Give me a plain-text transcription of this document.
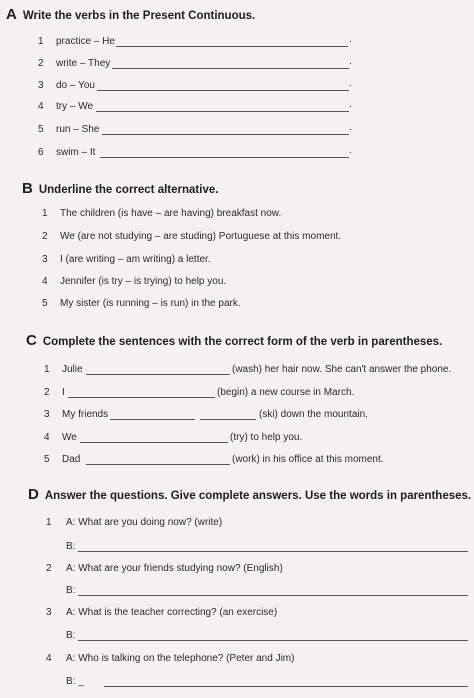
A Write the verbs in the Present Continuous.
1 practice – He	.
2 write – They	.
3 do – You	.
4 try – We	.
5 run – She	.
6 swim – It	.
B Underline the correct alternative.
1 The children (is have – are having) breakfast now.
2 We (are not studying – are studing) Portuguese at this moment.
3 I (are writing – am writing) a letter.
4 Jennifer (is try – is trying) to help you.
5 My sister (is running – is run) in the park.
C Complete the sentences with the correct form of the verb in parentheses.
1 Julie	(wash) her hair now. She can't answer the phone.
2 I	(begin) a new course in March.
3 My friends	(ski) down the mountain.
4 We	(try) to help you.
5 Dad	(work) in his office at this moment.
D Answer the questions. Give complete answers. Use the words in parentheses.
1 A: What are you doing now? (write)
B:
2 A: What are your friends studying now? (English)
B:
3 A: What is the teacher correcting? (an exercise)
B:
4 A: Who is talking on the telephone? (Peter and Jim)
B: _
